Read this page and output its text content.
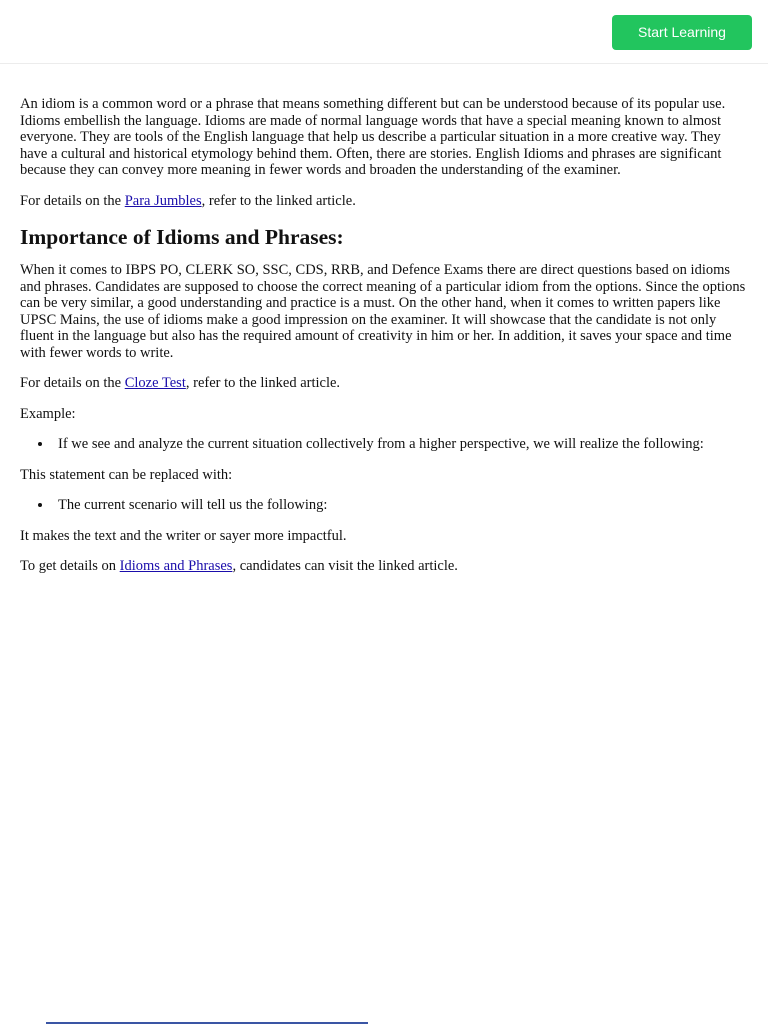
Start Learning

An idiom is a common word or a phrase that means something different but can be understood because of its popular use. Idioms embellish the language. Idioms are made of normal language words that have a special meaning known to almost everyone. They are tools of the English language that help us describe a particular situation in a more creative way. They have a cultural and historical etymology behind them. Often, there are stories. English Idioms and phrases are significant because they can convey more meaning in fewer words and broaden the understanding of the examiner.

For details on the Para Jumbles, refer to the linked article.

Importance of Idioms and Phrases:

When it comes to IBPS PO, CLERK SO, SSC, CDS, RRB, and Defence Exams there are direct questions based on idioms and phrases. Candidates are supposed to choose the correct meaning of a particular idiom from the options. Since the options can be very similar, a good understanding and practice is a must. On the other hand, when it comes to written papers like UPSC Mains, the use of idioms make a good impression on the examiner. It will showcase that the candidate is not only fluent in the language but also has the required amount of creativity in him or her. In addition, it saves your space and time with fewer words to write.

For details on the Cloze Test, refer to the linked article.

Example:

If we see and analyze the current situation collectively from a higher perspective, we will realize the following:

This statement can be replaced with:

The current scenario will tell us the following:

It makes the text and the writer or sayer more impactful.

To get details on Idioms and Phrases, candidates can visit the linked article.
